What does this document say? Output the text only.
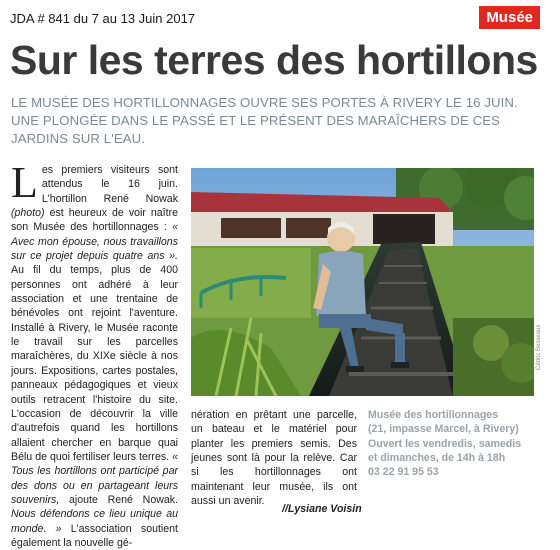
JDA # 841 du 7 au 13 Juin 2017	Musée
Sur les terres des hortillons
LE MUSÉE DES HORTILLONNAGES OUVRE SES PORTES À RIVERY LE 16 JUIN. UNE PLONGÉE DANS LE PASSÉ ET LE PRÉSENT DES MARAÎCHERS DE CES JARDINS SUR L'EAU.
L es premiers visiteurs sont attendus le 16 juin. L'hortillon René Nowak (photo) est heureux de voir naître son Musée des hortillonnages : « Avec mon épouse, nous travaillons sur ce projet depuis quatre ans ». Au fil du temps, plus de 400 personnes ont adhéré à leur association et une trentaine de bénévoles ont rejoint l'aventure. Installé à Rivery, le Musée raconte le travail sur les parcelles maraîchères, du XIXe siècle à nos jours. Expositions, cartes postales, panneaux pédagogiques et vieux outils retracent l'histoire du site. L'occasion de découvrir la ville d'autrefois quand les hortillons allaient chercher en barque quai Bélu de quoi fertiliser leurs terres. « Tous les hortillons ont participé par des dons ou en partageant leurs souvenirs, ajoute René Nowak. Nous défendons ce lieu unique au monde. » L'association soutient également la nouvelle gé-
Cédric Besseaux
nération en prêtant une parcelle, un bateau et le matériel pour planter les premiers semis. Des jeunes sont là pour la relève. Car si les hortillonnages ont maintenant leur musée, ils ont aussi un avenir.
//Lysiane Voisin
Musée des hortillonnages
(21, impasse Marcel, à Rivery)
Ouvert les vendredis, samedis
et dimanches, de 14h à 18h
03 22 91 95 53
